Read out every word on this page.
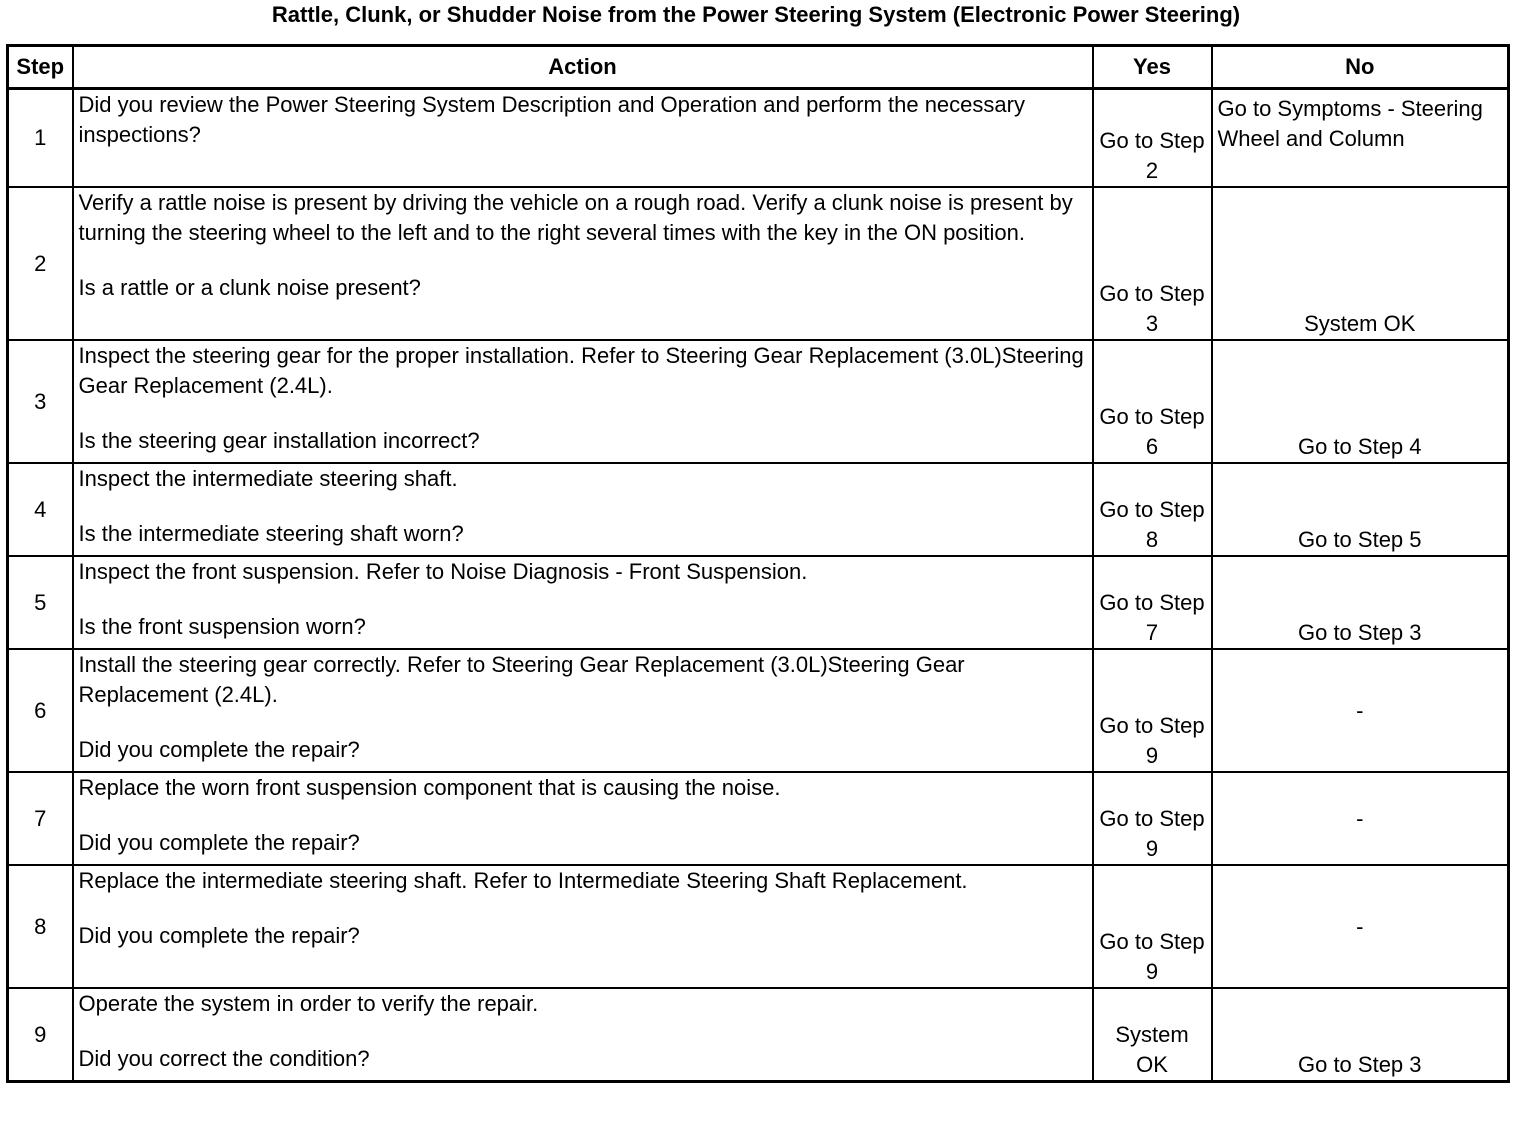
Rattle, Clunk, or Shudder Noise from the Power Steering System (Electronic Power Steering)
Step	Action	Yes	No
1	Did you review the Power Steering System Description and Operation and perform the necessary inspections?	Go to Step 2	Go to Symptoms - Steering Wheel and Column
2	Verify a rattle noise is present by driving the vehicle on a rough road. Verify a clunk noise is present by turning the steering wheel to the left and to the right several times with the key in the ON position.
Is a rattle or a clunk noise present?	Go to Step 3	System OK
3	Inspect the steering gear for the proper installation. Refer to Steering Gear Replacement (3.0L)Steering Gear Replacement (2.4L).
Is the steering gear installation incorrect?	Go to Step 6	Go to Step 4
4	Inspect the intermediate steering shaft.
Is the intermediate steering shaft worn?	Go to Step 8	Go to Step 5
5	Inspect the front suspension. Refer to Noise Diagnosis - Front Suspension.
Is the front suspension worn?	Go to Step 7	Go to Step 3
6	Install the steering gear correctly. Refer to Steering Gear Replacement (3.0L)Steering Gear Replacement (2.4L).
Did you complete the repair?	Go to Step 9	-
7	Replace the worn front suspension component that is causing the noise.
Did you complete the repair?	Go to Step 9	-
8	Replace the intermediate steering shaft. Refer to Intermediate Steering Shaft Replacement.
Did you complete the repair?	Go to Step 9	-
9	Operate the system in order to verify the repair.
Did you correct the condition?	System OK	Go to Step 3
